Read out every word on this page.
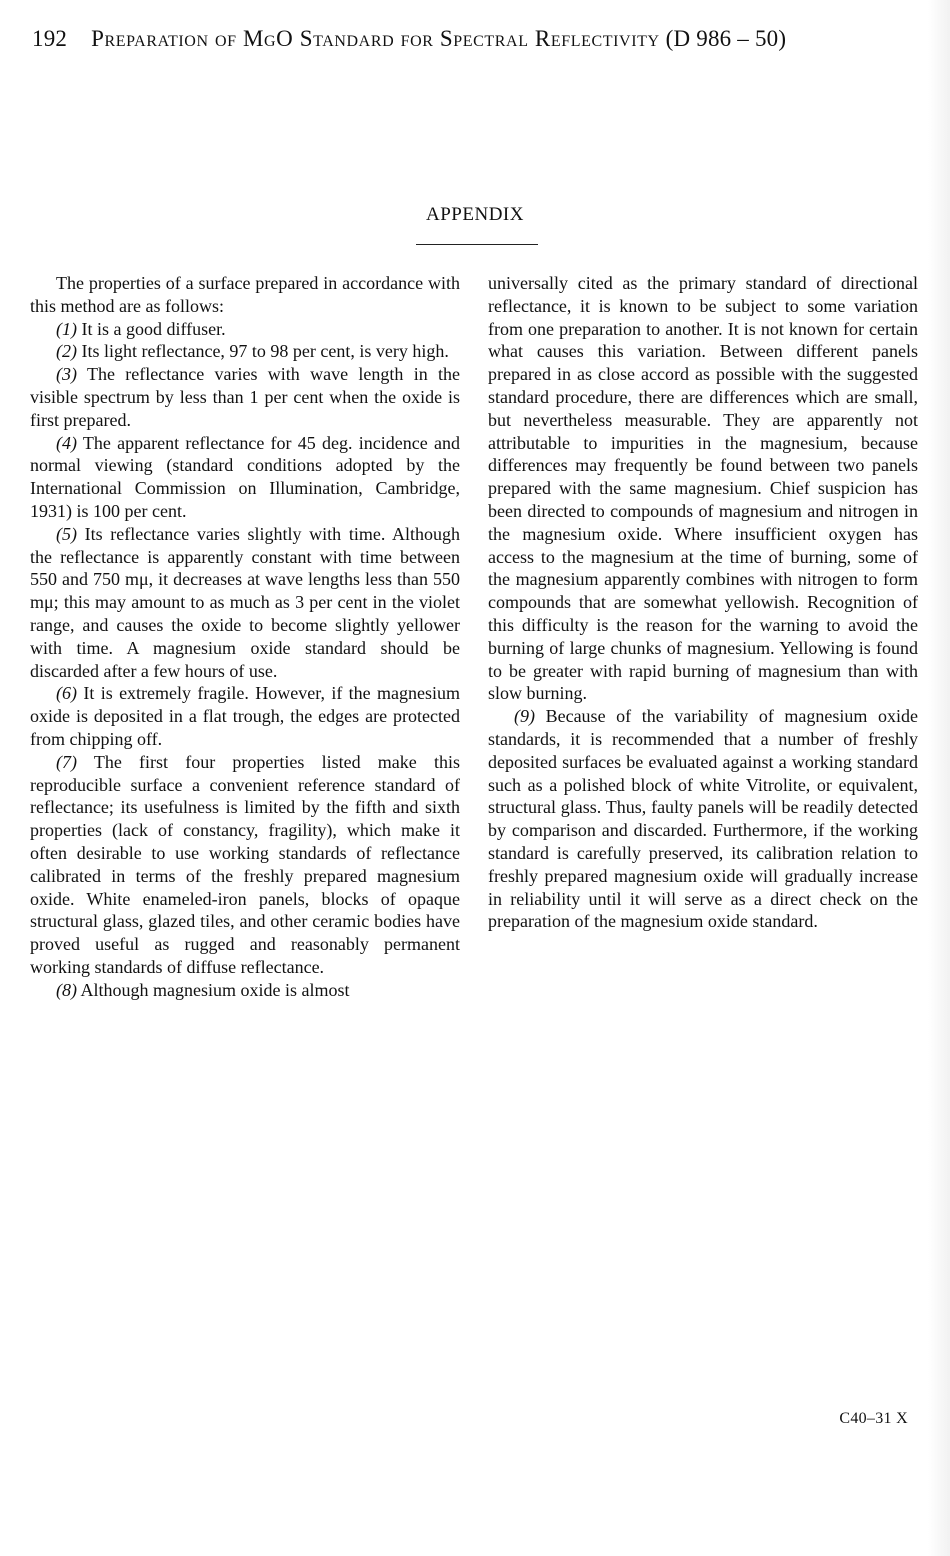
192 Preparation of MgO Standard for Spectral Reflectivity (D 986 – 50)
APPENDIX

The properties of a surface prepared in accordance with this method are as follows:

(1) It is a good diffuser.

(2) Its light reflectance, 97 to 98 per cent, is very high.

(3) The reflectance varies with wave length in the visible spectrum by less than 1 per cent when the oxide is first prepared.

(4) The apparent reflectance for 45 deg. incidence and normal viewing (standard conditions adopted by the International Commission on Illumination, Cambridge, 1931) is 100 per cent.

(5) Its reflectance varies slightly with time. Although the reflectance is apparently constant with time between 550 and 750 mμ, it decreases at wave lengths less than 550 mμ; this may amount to as much as 3 per cent in the violet range, and causes the oxide to become slightly yellower with time. A magnesium oxide standard should be discarded after a few hours of use.

(6) It is extremely fragile. However, if the magnesium oxide is deposited in a flat trough, the edges are protected from chipping off.

(7) The first four properties listed make this reproducible surface a convenient reference standard of reflectance; its usefulness is limited by the fifth and sixth properties (lack of constancy, fragility), which make it often desirable to use working standards of reflectance calibrated in terms of the freshly prepared magnesium oxide. White enameled-iron panels, blocks of opaque structural glass, glazed tiles, and other ceramic bodies have proved useful as rugged and reasonably permanent working standards of diffuse reflectance.

(8) Although magnesium oxide is almost

universally cited as the primary standard of directional reflectance, it is known to be subject to some variation from one preparation to another. It is not known for certain what causes this variation. Between different panels prepared in as close accord as possible with the suggested standard procedure, there are differences which are small, but nevertheless measurable. They are apparently not attributable to impurities in the magnesium, because differences may frequently be found between two panels prepared with the same magnesium. Chief suspicion has been directed to compounds of magnesium and nitrogen in the magnesium oxide. Where insufficient oxygen has access to the magnesium at the time of burning, some of the magnesium apparently combines with nitrogen to form compounds that are somewhat yellowish. Recognition of this difficulty is the reason for the warning to avoid the burning of large chunks of magnesium. Yellowing is found to be greater with rapid burning of magnesium than with slow burning.

(9) Because of the variability of magnesium oxide standards, it is recommended that a number of freshly deposited surfaces be evaluated against a working standard such as a polished block of white Vitrolite, or equivalent, structural glass. Thus, faulty panels will be readily detected by comparison and discarded. Furthermore, if the working standard is carefully preserved, its calibration relation to freshly prepared magnesium oxide will gradually increase in reliability until it will serve as a direct check on the preparation of the magnesium oxide standard.

C40–31 X
